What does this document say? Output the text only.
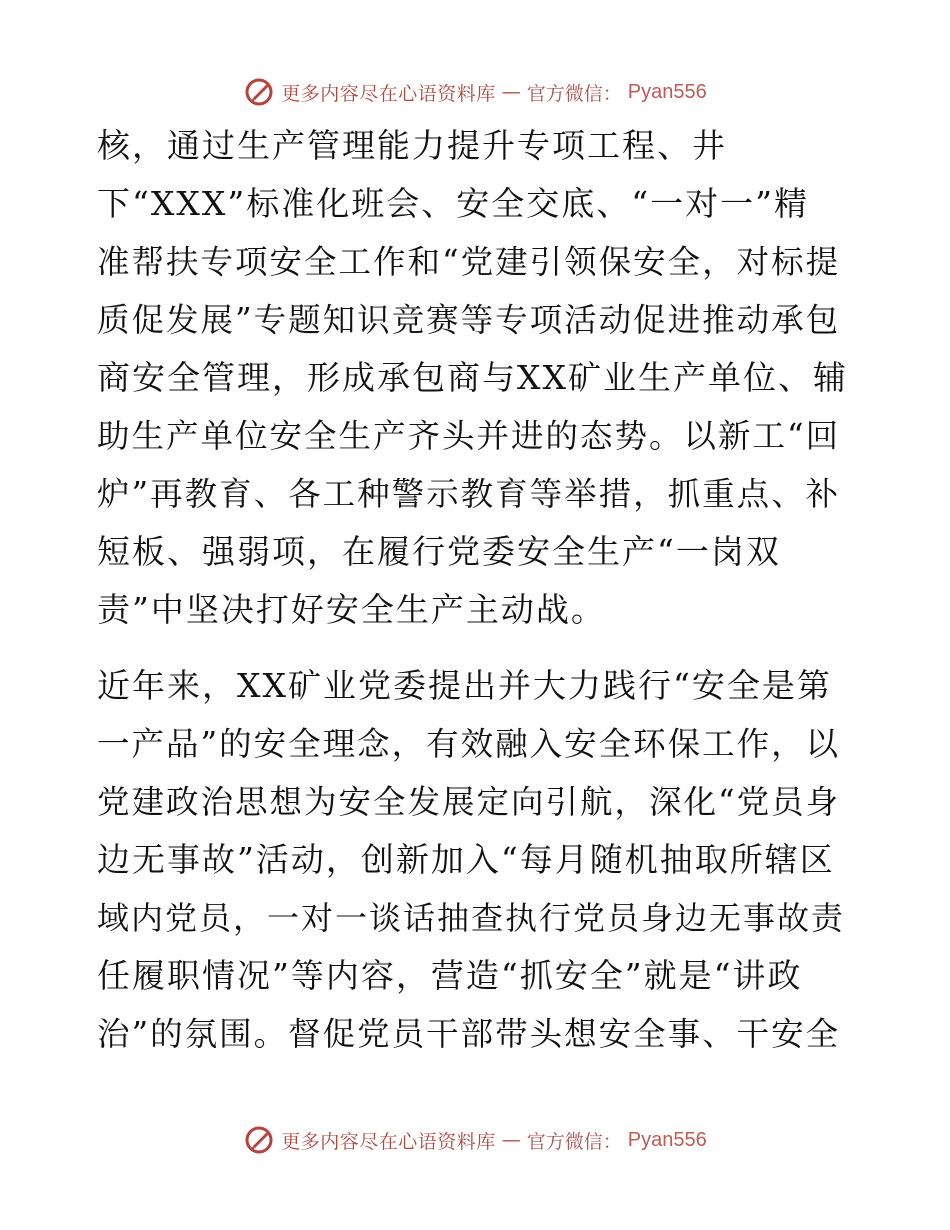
更多内容尽在心语资料库 — 官方微信： Pyan556
核，通过生产管理能力提升专项工程、井
下“XXX”标准化班会、安全交底、“一对一”精
准帮扶专项安全工作和“党建引领保安全，对标提
质促发展”专题知识竞赛等专项活动促进推动承包
商安全管理，形成承包商与XX矿业生产单位、辅
助生产单位安全生产齐头并进的态势。以新工“回
炉”再教育、各工种警示教育等举措，抓重点、补
短板、强弱项，在履行党委安全生产“一岗双
责”中坚决打好安全生产主动战。
近年来，XX矿业党委提出并大力践行“安全是第
一产品”的安全理念，有效融入安全环保工作，以
党建政治思想为安全发展定向引航，深化“党员身
边无事故”活动，创新加入“每月随机抽取所辖区
域内党员，一对一谈话抽查执行党员身边无事故责
任履职情况”等内容，营造“抓安全”就是“讲政
治”的氛围。督促党员干部带头想安全事、干安全
更多内容尽在心语资料库 — 官方微信： Pyan556
